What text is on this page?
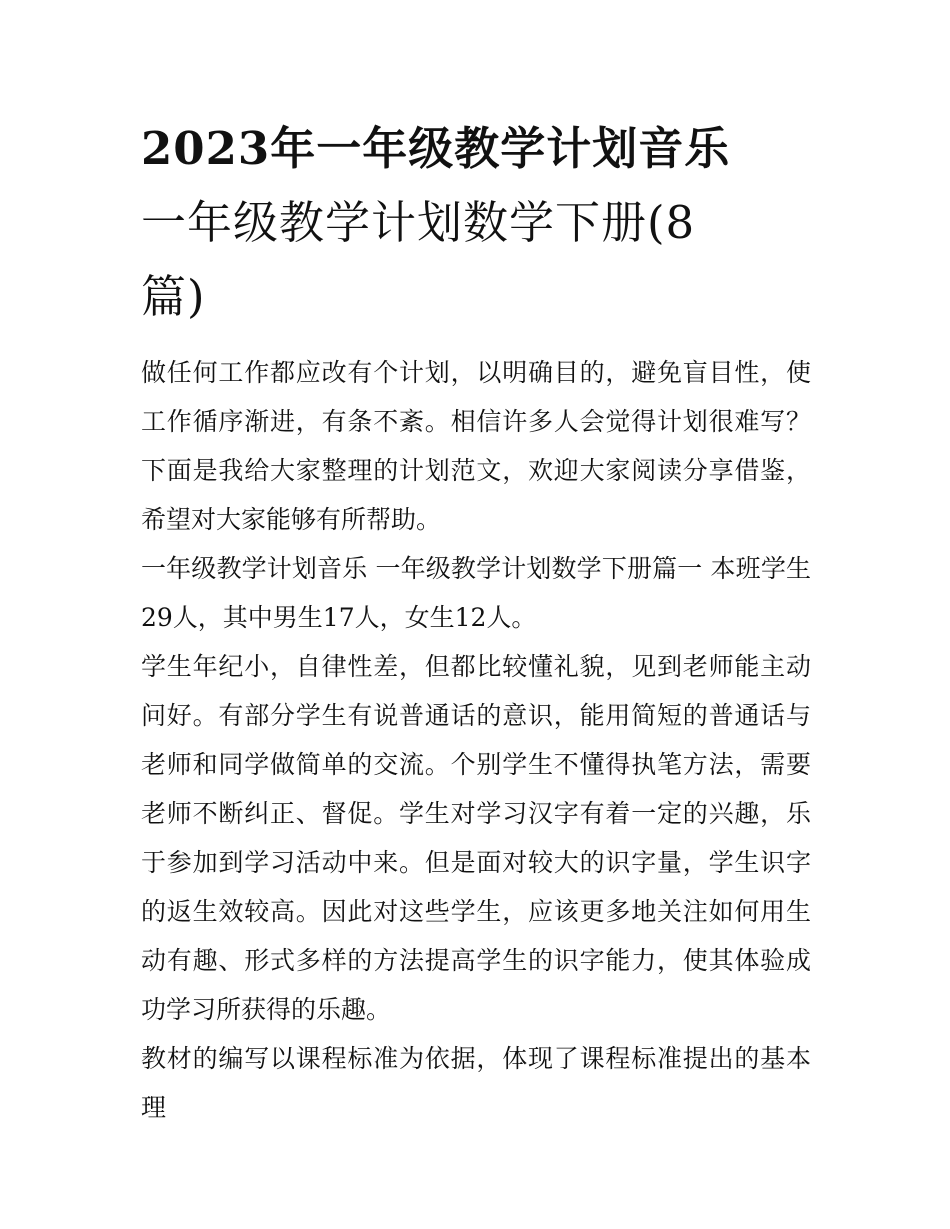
2023年一年级教学计划音乐
一年级教学计划数学下册(8
篇)

做任何工作都应改有个计划，以明确目的，避免盲目性，使工作循序渐进，有条不紊。相信许多人会觉得计划很难写？下面是我给大家整理的计划范文，欢迎大家阅读分享借鉴，希望对大家能够有所帮助。

一年级教学计划音乐 一年级教学计划数学下册篇一 本班学生29人，其中男生17人，女生12人。

学生年纪小，自律性差，但都比较懂礼貌，见到老师能主动问好。有部分学生有说普通话的意识，能用简短的普通话与老师和同学做简单的交流。个别学生不懂得执笔方法，需要老师不断纠正、督促。学生对学习汉字有着一定的兴趣，乐于参加到学习活动中来。但是面对较大的识字量，学生识字的返生效较高。因此对这些学生，应该更多地关注如何用生动有趣、形式多样的方法提高学生的识字能力，使其体验成功学习所获得的乐趣。

教材的编写以课程标准为依据，体现了课程标准提出的基本理
